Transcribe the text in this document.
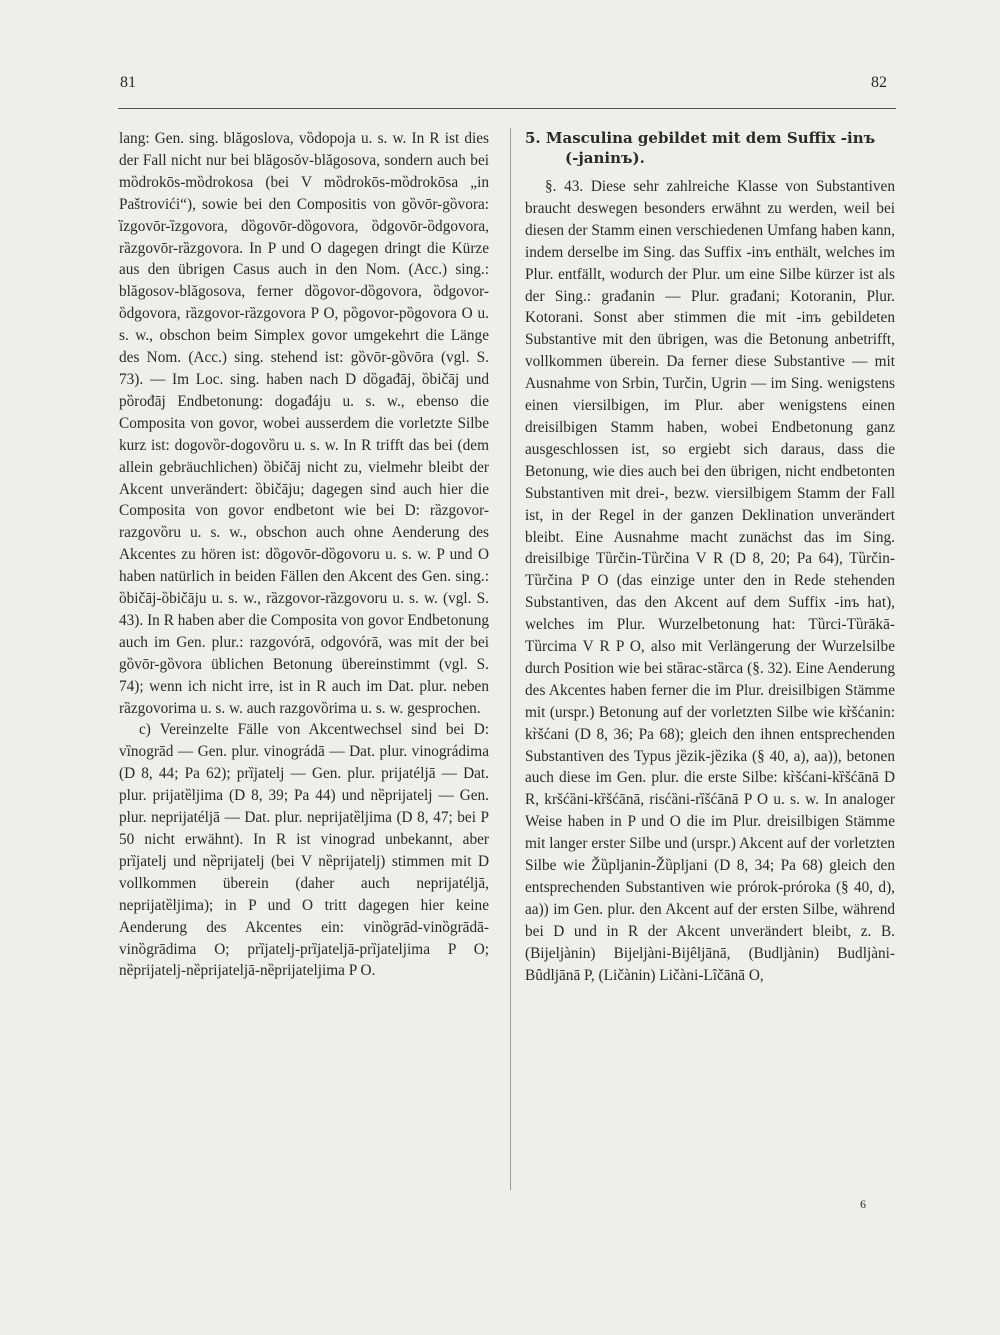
81	82

lang: Gen. sing. blăgoslova, vȍdopoja u. s. w. In R ist dies der Fall nicht nur bei blăgosŏv-blăgosova, sondern auch bei mȍdrokōs-mȍdrokosa (bei V mȍdrokōs-mȍdrokōsa „in Paštrovići“), sowie bei den Compositis von gȍvōr-gȍvora: ȉzgovōr-ȉzgovora, dȍgovōr-dȍgovora, ȍdgovōr-ȍdgovora, rȁzgovōr-rȁzgovora. In P und O dagegen dringt die Kürze aus den übrigen Casus auch in den Nom. (Acc.) sing.: blăgosov-blăgosova, ferner dȍgovor-dȍgovora, ȍdgovor-ȍdgovora, rȁzgovor-rȁzgovora P O, pȍgovor-pȍgovora O u. s. w., obschon beim Simplex govor umgekehrt die Länge des Nom. (Acc.) sing. stehend ist: gȍvōr-gȍvōra (vgl. S. 73). — Im Loc. sing. haben nach D dȍgađāj, ȍbičāj und pȍrođāj Endbetonung: događáju u. s. w., ebenso die Composita von govor, wobei ausserdem die vorletzte Silbe kurz ist: dogovȍr-dogovȍru u. s. w. In R trifft das bei (dem allein gebräuchlichen) ȍbičāj nicht zu, vielmehr bleibt der Akcent unverändert: ȍbičāju; dagegen sind auch hier die Composita von govor endbetont wie bei D: rȁzgovor-razgovȍru u. s. w., obschon auch ohne Aenderung des Akcentes zu hören ist: dȍgovōr-dȍgovoru u. s. w. P und O haben natürlich in beiden Fällen den Akcent des Gen. sing.: ȍbičāj-ȍbičāju u. s. w., rȁzgovor-rȁzgovoru u. s. w. (vgl. S. 43). In R haben aber die Composita von govor Endbetonung auch im Gen. plur.: razgovórā, odgovórā, was mit der bei gȍvōr-gȍvora üblichen Betonung übereinstimmt (vgl. S. 74); wenn ich nicht irre, ist in R auch im Dat. plur. neben rȁzgovorima u. s. w. auch razgovȍrima u. s. w. gesprochen.

c) Vereinzelte Fälle von Akcentwechsel sind bei D: vȉnogrād — Gen. plur. vinográdā — Dat. plur. vinográdima (D 8, 44; Pa 62); prȉjatelj — Gen. plur. prijatéljā — Dat. plur. prijatȅljima (D 8, 39; Pa 44) und nȅprijatelj — Gen. plur. neprijatéljā — Dat. plur. neprijatȅljima (D 8, 47; bei P 50 nicht erwähnt). In R ist vinograd unbekannt, aber prȉjatelj und nȅprijatelj (bei V nȅprijatelj) stimmen mit D vollkommen überein (daher auch neprijatéljā, neprijatȅljima); in P und O tritt dagegen hier keine Aenderung des Akcentes ein: vinȍgrād-vinȍgrādā-vinȍgrādima O; prȉjatelj-prȉjateljā-prȉjateljima P O; nȅprijatelj-nȅprijateljā-nȅprijateljima P O.

5. Masculina gebildet mit dem Suffix -inъ
(-janinъ).

§. 43. Diese sehr zahlreiche Klasse von Substantiven braucht deswegen besonders erwähnt zu werden, weil bei diesen der Stamm einen verschiedenen Umfang haben kann, indem derselbe im Sing. das Suffix -inъ enthält, welches im Plur. entfällt, wodurch der Plur. um eine Silbe kürzer ist als der Sing.: građanin — Plur. građani; Kotoranin, Plur. Kotorani. Sonst aber stimmen die mit -inъ gebildeten Substantive mit den übrigen, was die Betonung anbetrifft, vollkommen überein. Da ferner diese Substantive — mit Ausnahme von Srbin, Turčin, Ugrin — im Sing. wenigstens einen viersilbigen, im Plur. aber wenigstens einen dreisilbigen Stamm haben, wobei Endbetonung ganz ausgeschlossen ist, so ergiebt sich daraus, dass die Betonung, wie dies auch bei den übrigen, nicht endbetonten Substantiven mit drei-, bezw. viersilbigem Stamm der Fall ist, in der Regel in der ganzen Deklination unverändert bleibt. Eine Ausnahme macht zunächst das im Sing. dreisilbige Tȕrčin-Tȕrčina V R (D 8, 20; Pa 64), Tȕrčin-Tȕrčina P O (das einzige unter den in Rede stehenden Substantiven, das den Akcent auf dem Suffix -inъ hat), welches im Plur. Wurzelbetonung hat: Tȕrci-Tȕrākā-Tȕrcima V R P O, also mit Verlängerung der Wurzelsilbe durch Position wie bei stȁrac-stȁrca (§. 32). Eine Aenderung des Akcentes haben ferner die im Plur. dreisilbigen Stämme mit (urspr.) Betonung auf der vorletzten Silbe wie kr̀šćanin: kr̀šćani (D 8, 36; Pa 68); gleich den ihnen entsprechenden Substantiven des Typus jȅzik-jȅzika (§ 40, a), aa)), betonen auch diese im Gen. plur. die erste Silbe: kr̀šćani-kȑšćānā D R, kršćȁni-kȑšćānā, risćȁni-rȉšćānā P O u. s. w. In analoger Weise haben in P und O die im Plur. dreisilbigen Stämme mit langer erster Silbe und (urspr.) Akcent auf der vorletzten Silbe wie Žȕpljanin-Žȕpljani (D 8, 34; Pa 68) gleich den entsprechenden Substantiven wie prórok-próroka (§ 40, d), aa)) im Gen. plur. den Akcent auf der ersten Silbe, während bei D und in R der Akcent unverändert bleibt, z. B. (Bijeljànin) Bijeljàni-Bijȇljānā, (Budljànin) Budljàni-Bȗdljānā P, (Ličànin) Ličàni-Lȋčānā O,

6
